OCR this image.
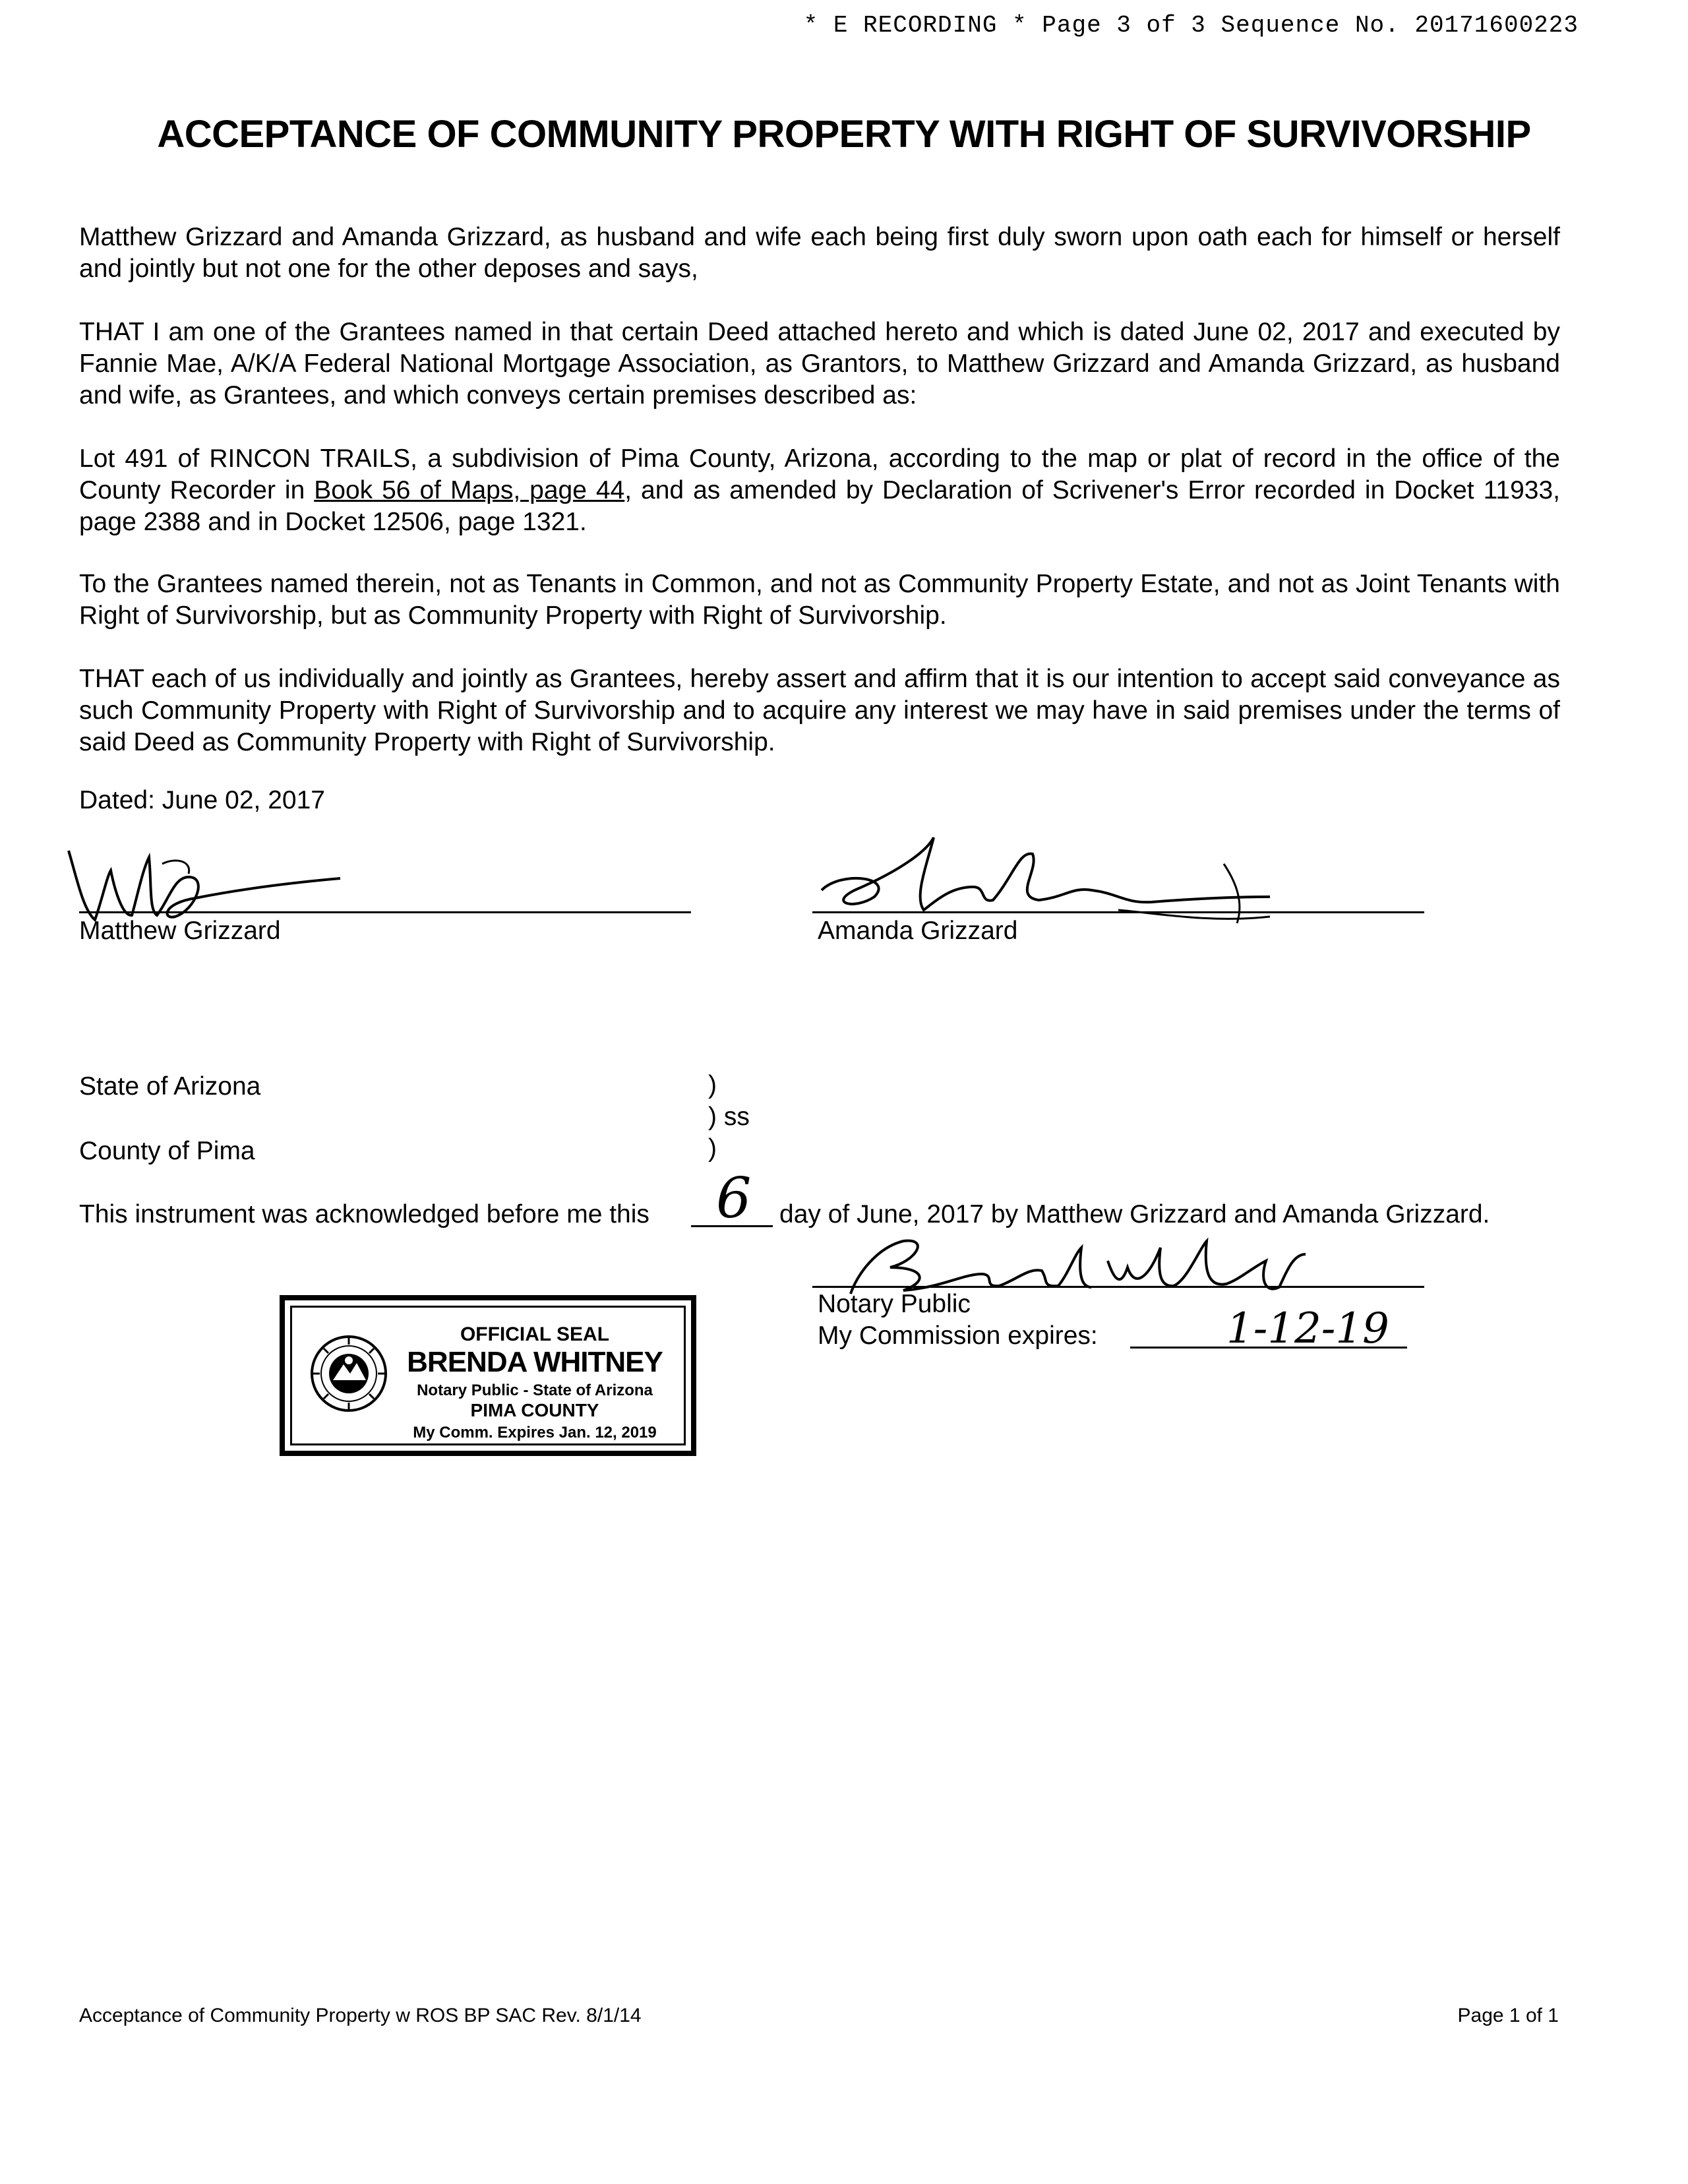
* E RECORDING * Page 3 of 3 Sequence No. 20171600223
ACCEPTANCE OF COMMUNITY PROPERTY WITH RIGHT OF SURVIVORSHIP

Matthew Grizzard and Amanda Grizzard, as husband and wife each being first duly sworn upon oath each for himself or herself and jointly but not one for the other deposes and says,

THAT I am one of the Grantees named in that certain Deed attached hereto and which is dated June 02, 2017 and executed by Fannie Mae, A/K/A Federal National Mortgage Association, as Grantors, to Matthew Grizzard and Amanda Grizzard, as husband and wife, as Grantees, and which conveys certain premises described as:

Lot 491 of RINCON TRAILS, a subdivision of Pima County, Arizona, according to the map or plat of record in the office of the County Recorder in Book 56 of Maps, page 44, and as amended by Declaration of Scrivener's Error recorded in Docket 11933, page 2388 and in Docket 12506, page 1321.

To the Grantees named therein, not as Tenants in Common, and not as Community Property Estate, and not as Joint Tenants with Right of Survivorship, but as Community Property with Right of Survivorship.

THAT each of us individually and jointly as Grantees, hereby assert and affirm that it is our intention to accept said conveyance as such Community Property with Right of Survivorship and to acquire any interest we may have in said premises under the terms of said Deed as Community Property with Right of Survivorship.

Dated: June 02, 2017
Matthew Grizzard	Amanda Grizzard
State of Arizona	)
) ss
)
County of Pima
This instrument was acknowledged before me this 6 day of June, 2017 by Matthew Grizzard and Amanda Grizzard.
Notary Public
My Commission expires:	1-12-19
OFFICIAL SEAL
BRENDA WHITNEY
Notary Public - State of Arizona
PIMA COUNTY
My Comm. Expires Jan. 12, 2019
Acceptance of Community Property w ROS BP SAC Rev. 8/1/14	Page 1 of 1
